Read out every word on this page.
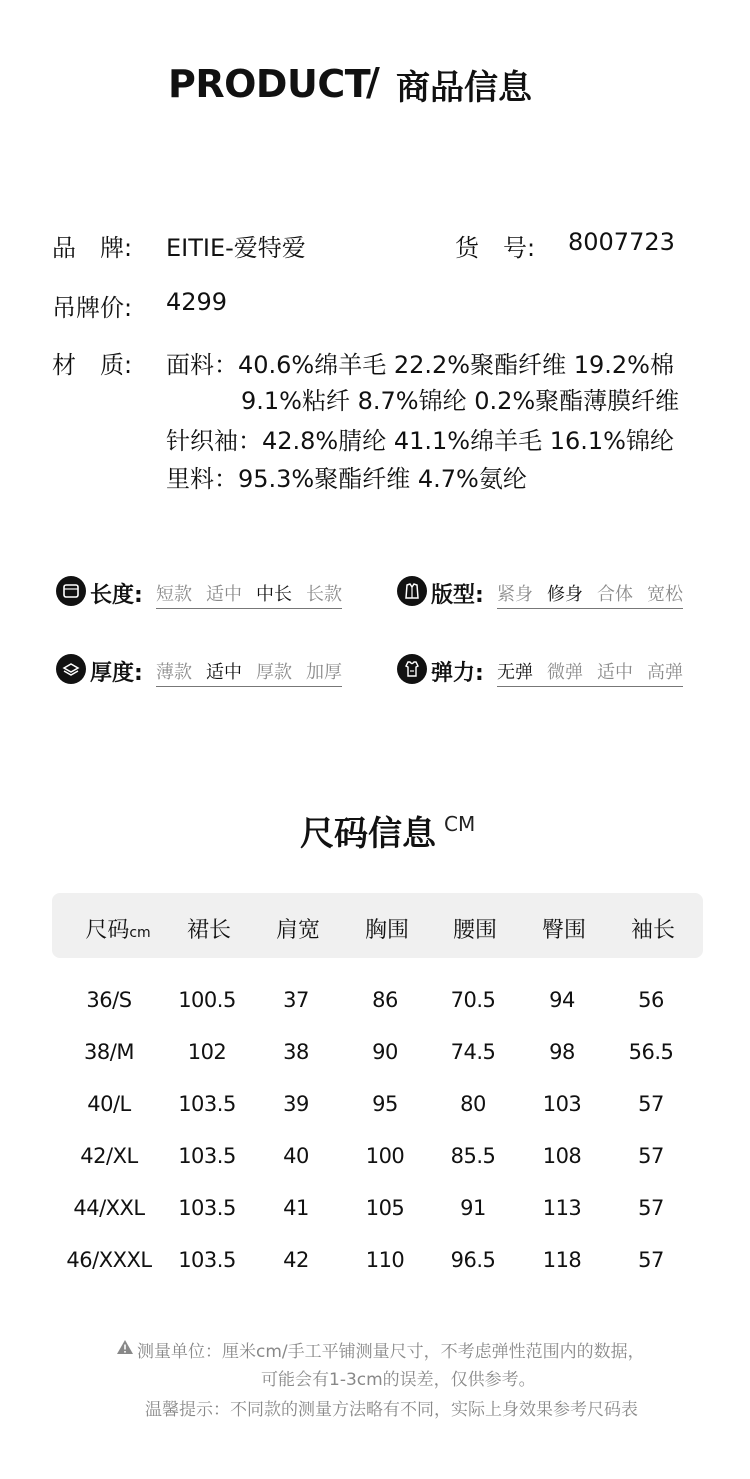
PRODUCT
/ 商品信息
品　牌: EITIE-爱特爱	货　号: 8007723
吊牌价: 4299
材　质: 面料：40.6%绵羊毛 22.2%聚酯纤维 19.2%棉
9.1%粘纤 8.7%锦纶 0.2%聚酯薄膜纤维
针织袖：42.8%腈纶 41.1%绵羊毛 16.1%锦纶
里料：95.3%聚酯纤维 4.7%氨纶
长度: 短款 适中 中长 长款	版型: 紧身 修身 合体 宽松
厚度: 薄款 适中 厚款 加厚	弹力: 无弹 微弹 适中 高弹
尺码信息 CM
尺码cm	裙长	肩宽	胸围	腰围	臀围	袖长
36/S	100.5	37	86	70.5	94	56
38/M	102	38	90	74.5	98	56.5
40/L	103.5	39	95	80	103	57
42/XL	103.5	40	100	85.5	108	57
44/XXL	103.5	41	105	91	113	57
46/XXXL	103.5	42	110	96.5	118	57
测量单位：厘米cm/手工平铺测量尺寸，不考虑弹性范围内的数据，
可能会有1-3cm的误差，仅供参考。
温馨提示：不同款的测量方法略有不同，实际上身效果参考尺码表
